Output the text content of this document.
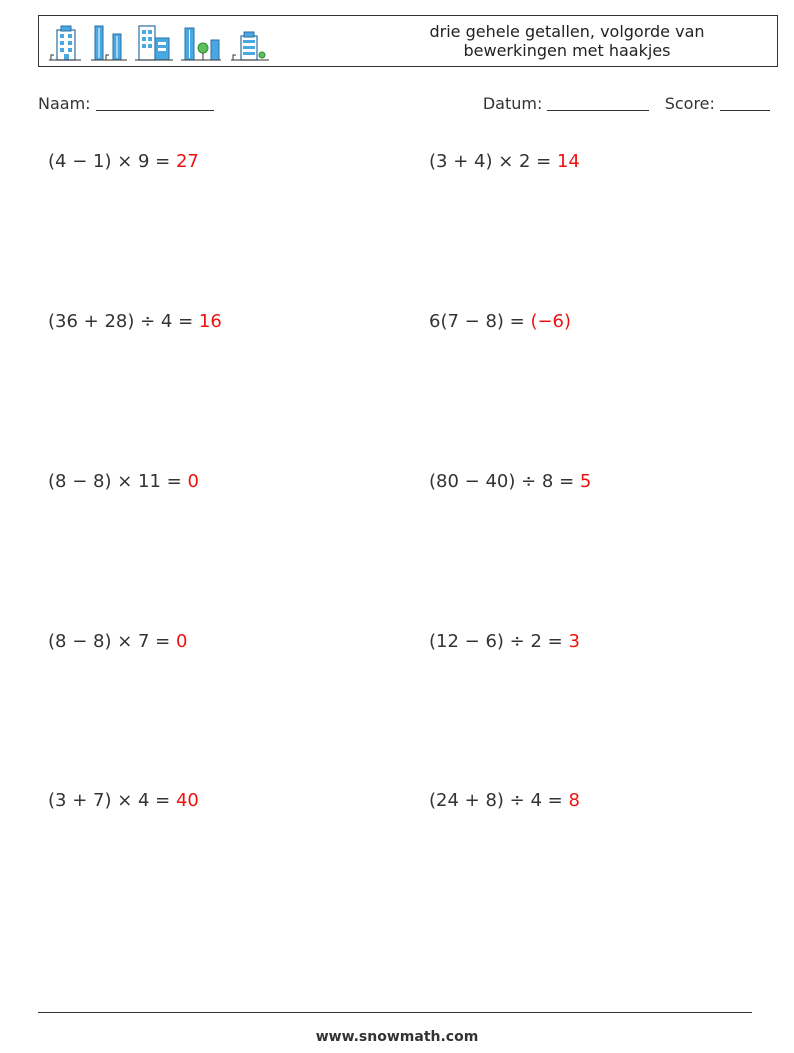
drie gehele getallen, volgorde van
bewerkingen met haakjes
Naam:	Datum:	Score:
(4 − 1) × 9 = 27	(3 + 4) × 2 = 14
(36 + 28) ÷ 4 = 16	6(7 − 8) = (−6)
(8 − 8) × 11 = 0	(80 − 40) ÷ 8 = 5
(8 − 8) × 7 = 0	(12 − 6) ÷ 2 = 3
(3 + 7) × 4 = 40	(24 + 8) ÷ 4 = 8
www.snowmath.com
